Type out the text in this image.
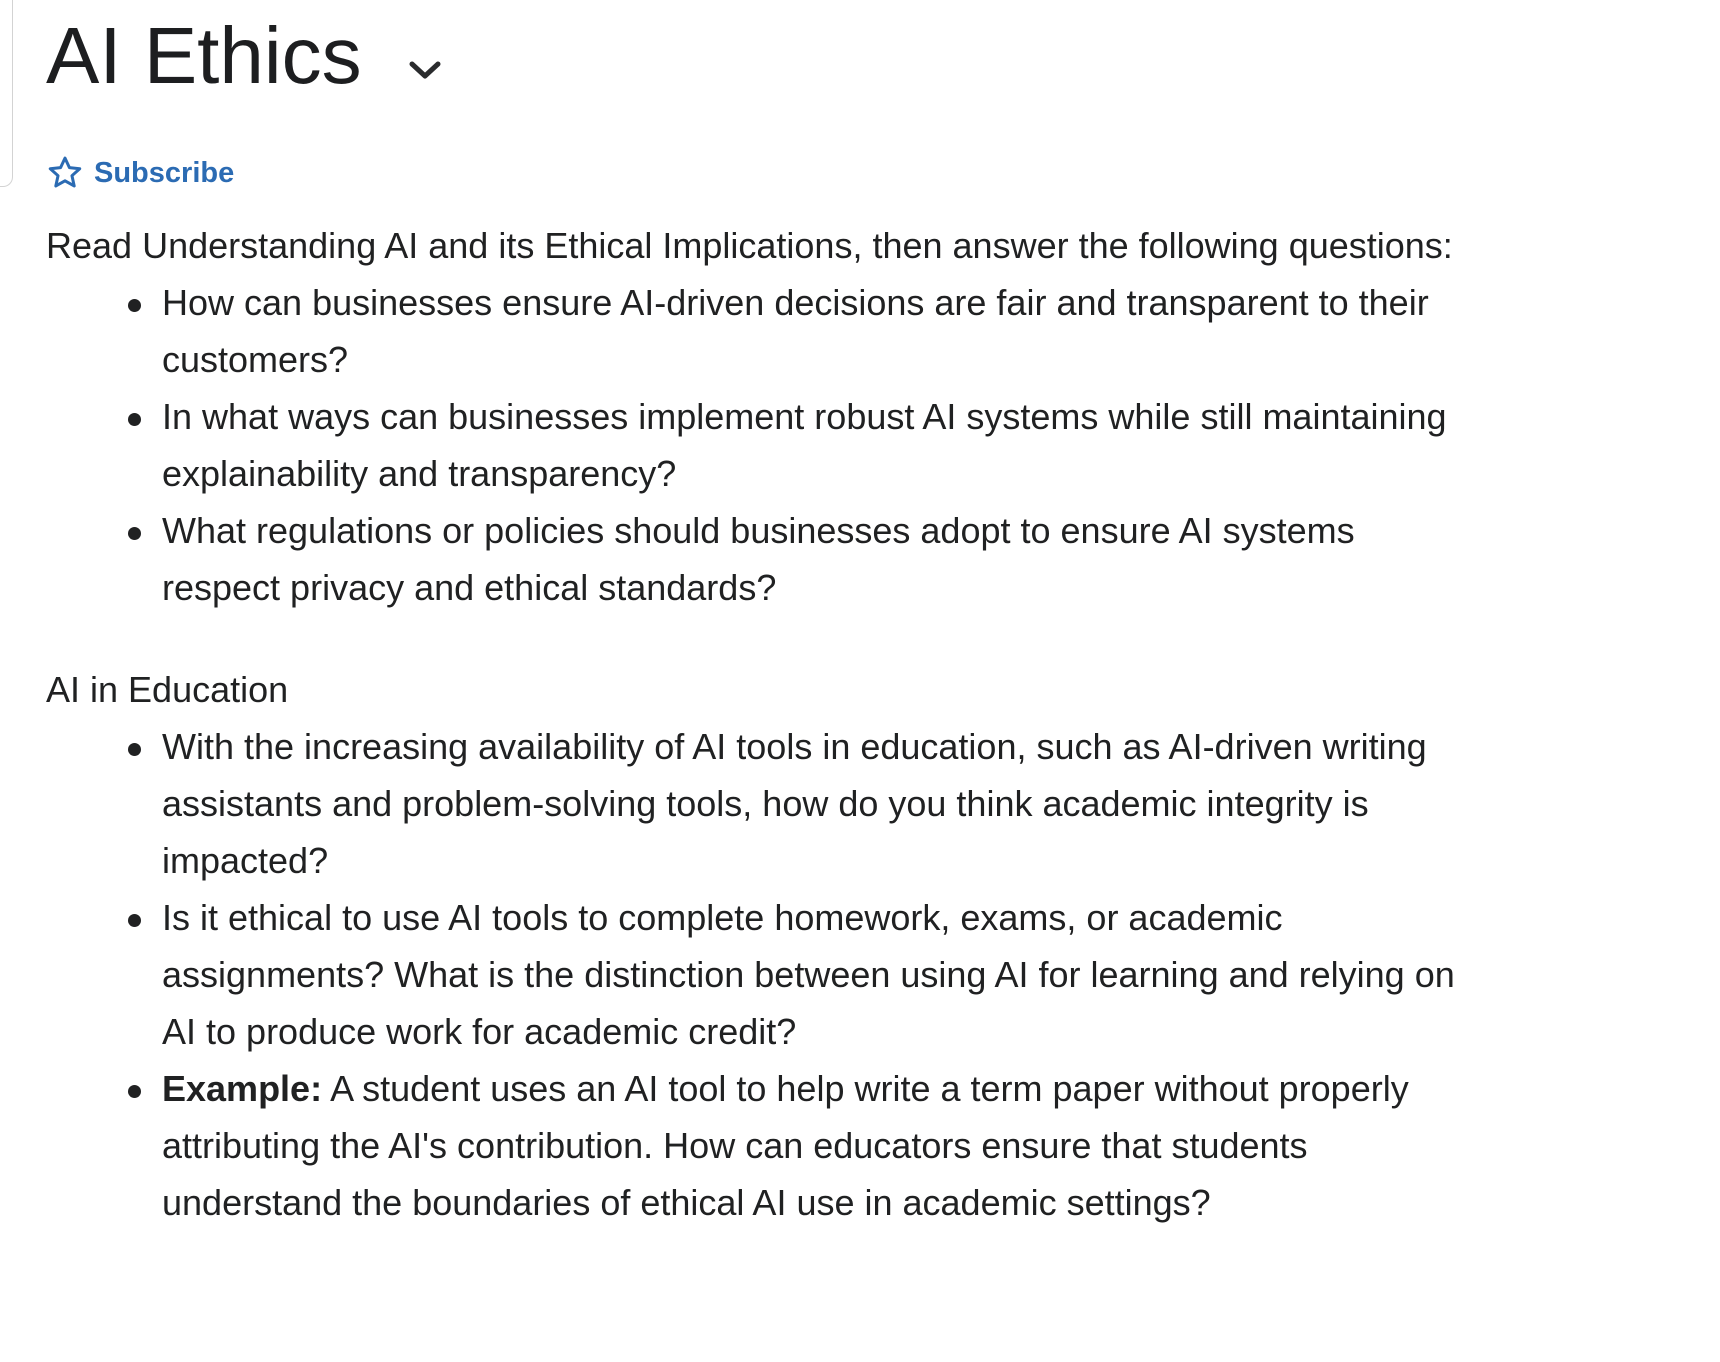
AI Ethics
Subscribe

Read Understanding AI and its Ethical Implications, then answer the following questions:

How can businesses ensure AI-driven decisions are fair and transparent to their customers?
In what ways can businesses implement robust AI systems while still maintaining explainability and transparency?
What regulations or policies should businesses adopt to ensure AI systems respect privacy and ethical standards?
AI in Education
With the increasing availability of AI tools in education, such as AI-driven writing assistants and problem-solving tools, how do you think academic integrity is impacted?
Is it ethical to use AI tools to complete homework, exams, or academic assignments? What is the distinction between using AI for learning and relying on AI to produce work for academic credit?
Example: A student uses an AI tool to help write a term paper without properly attributing the AI's contribution. How can educators ensure that students understand the boundaries of ethical AI use in academic settings?
